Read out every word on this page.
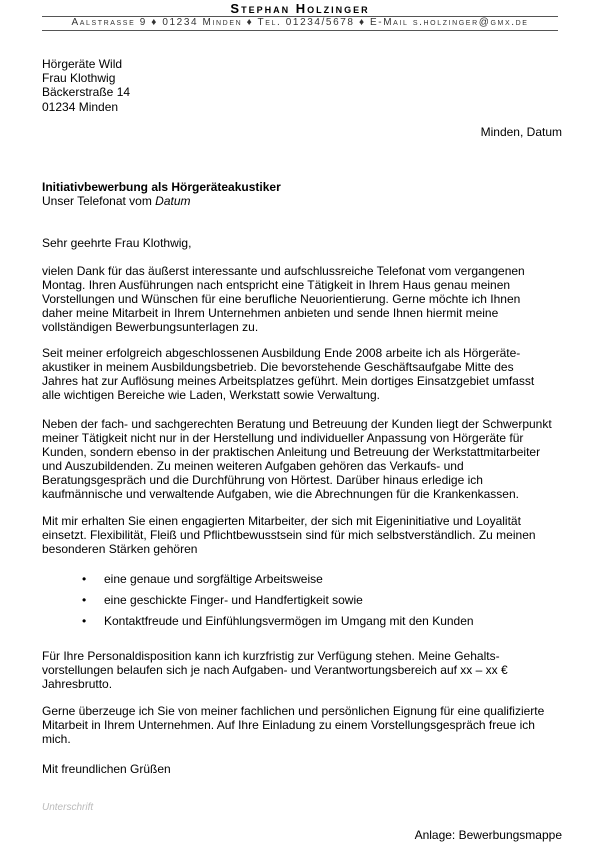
Stephan Holzinger
Aalstrasse 9 ♦ 01234 Minden ♦ Tel. 01234/5678 ♦ E-Mail s.holzinger@gmx.de
Hörgeräte Wild
Frau Klothwig
Bäckerstraße 14
01234 Minden
Minden, Datum
Initiativbewerbung als Hörgeräteakustiker
Unser Telefonat vom Datum
Sehr geehrte Frau Klothwig,
vielen Dank für das äußerst interessante und aufschlussreiche Telefonat vom vergangenen Montag. Ihren Ausführungen nach entspricht eine Tätigkeit in Ihrem Haus genau meinen Vorstellungen und Wünschen für eine berufliche Neuorientierung. Gerne möchte ich Ihnen daher meine Mitarbeit in Ihrem Unternehmen anbieten und sende Ihnen hiermit meine vollständigen Bewerbungsunterlagen zu.
Seit meiner erfolgreich abgeschlossenen Ausbildung Ende 2008 arbeite ich als Hörgeräte-akustiker in meinem Ausbildungsbetrieb. Die bevorstehende Geschäftsaufgabe Mitte des Jahres hat zur Auflösung meines Arbeitsplatzes geführt. Mein dortiges Einsatzgebiet umfasst alle wichtigen Bereiche wie Laden, Werkstatt sowie Verwaltung.
Neben der fach- und sachgerechten Beratung und Betreuung der Kunden liegt der Schwerpunkt meiner Tätigkeit nicht nur in der Herstellung und individueller Anpassung von Hörgeräte für Kunden, sondern ebenso in der praktischen Anleitung und Betreuung der Werkstattmitarbeiter und Auszubildenden. Zu meinen weiteren Aufgaben gehören das Verkaufs- und Beratungsgespräch und die Durchführung von Hörtest. Darüber hinaus erledige ich kaufmännische und verwaltende Aufgaben, wie die Abrechnungen für die Krankenkassen.
Mit mir erhalten Sie einen engagierten Mitarbeiter, der sich mit Eigeninitiative und Loyalität einsetzt. Flexibilität, Fleiß und Pflichtbewusstsein sind für mich selbstverständlich. Zu meinen besonderen Stärken gehören
• eine genaue und sorgfältige Arbeitsweise
• eine geschickte Finger- und Handfertigkeit sowie
• Kontaktfreude und Einfühlungsvermögen im Umgang mit den Kunden
Für Ihre Personaldisposition kann ich kurzfristig zur Verfügung stehen. Meine Gehalts-vorstellungen belaufen sich je nach Aufgaben- und Verantwortungsbereich auf xx – xx € Jahresbrutto.
Gerne überzeuge ich Sie von meiner fachlichen und persönlichen Eignung für eine qualifizierte Mitarbeit in Ihrem Unternehmen. Auf Ihre Einladung zu einem Vorstellungsgespräch freue ich mich.
Mit freundlichen Grüßen
Unterschrift
Anlage: Bewerbungsmappe
